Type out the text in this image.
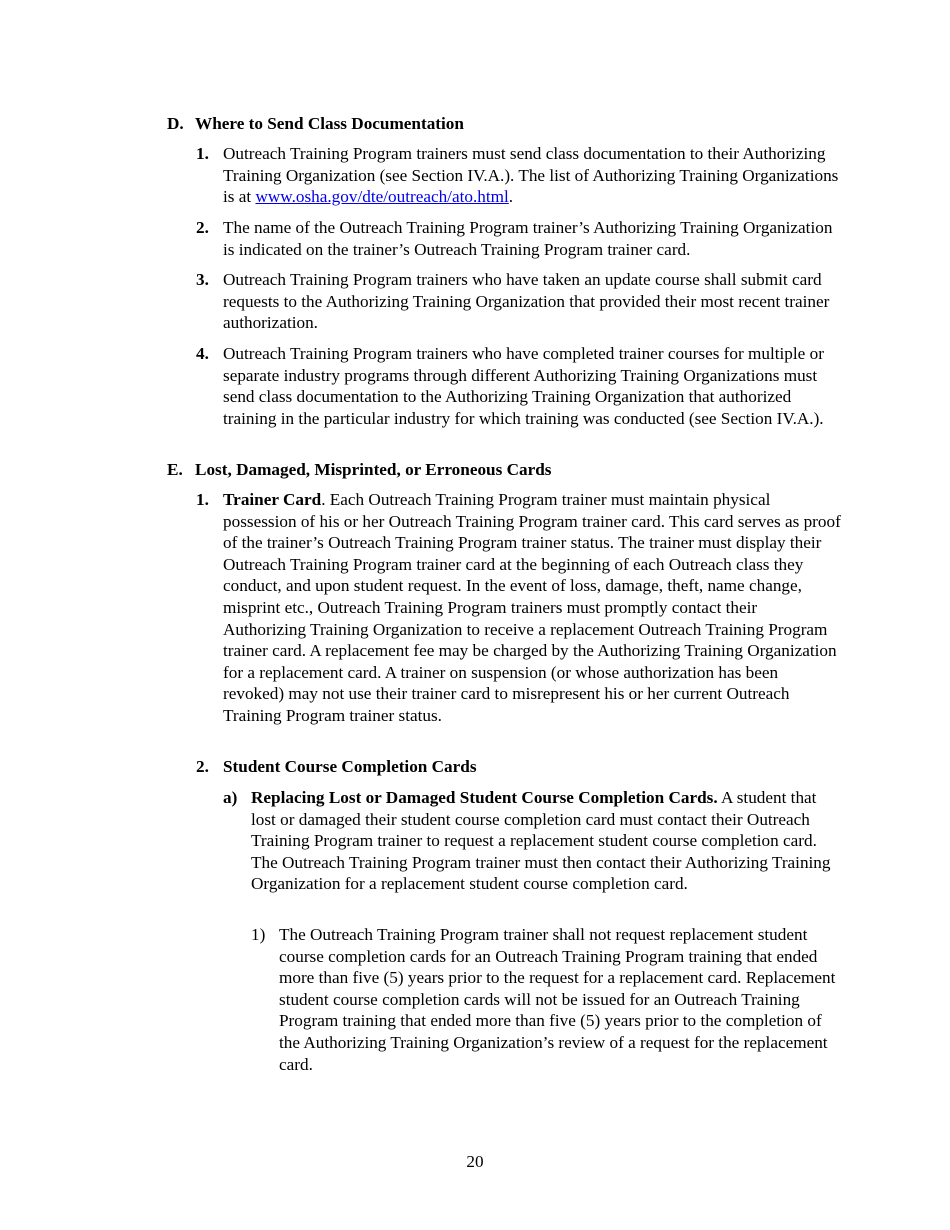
D. Where to Send Class Documentation
1. Outreach Training Program trainers must send class documentation to their Authorizing Training Organization (see Section IV.A.). The list of Authorizing Training Organizations is at www.osha.gov/dte/outreach/ato.html.
2. The name of the Outreach Training Program trainer’s Authorizing Training Organization is indicated on the trainer’s Outreach Training Program trainer card.
3. Outreach Training Program trainers who have taken an update course shall submit card requests to the Authorizing Training Organization that provided their most recent trainer authorization.
4. Outreach Training Program trainers who have completed trainer courses for multiple or separate industry programs through different Authorizing Training Organizations must send class documentation to the Authorizing Training Organization that authorized training in the particular industry for which training was conducted (see Section IV.A.).
E. Lost, Damaged, Misprinted, or Erroneous Cards
1. Trainer Card. Each Outreach Training Program trainer must maintain physical possession of his or her Outreach Training Program trainer card. This card serves as proof of the trainer’s Outreach Training Program trainer status. The trainer must display their Outreach Training Program trainer card at the beginning of each Outreach class they conduct, and upon student request. In the event of loss, damage, theft, name change, misprint etc., Outreach Training Program trainers must promptly contact their Authorizing Training Organization to receive a replacement Outreach Training Program trainer card. A replacement fee may be charged by the Authorizing Training Organization for a replacement card. A trainer on suspension (or whose authorization has been revoked) may not use their trainer card to misrepresent his or her current Outreach Training Program trainer status.
2. Student Course Completion Cards
a) Replacing Lost or Damaged Student Course Completion Cards. A student that lost or damaged their student course completion card must contact their Outreach Training Program trainer to request a replacement student course completion card. The Outreach Training Program trainer must then contact their Authorizing Training Organization for a replacement student course completion card.
1) The Outreach Training Program trainer shall not request replacement student course completion cards for an Outreach Training Program training that ended more than five (5) years prior to the request for a replacement card. Replacement student course completion cards will not be issued for an Outreach Training Program training that ended more than five (5) years prior to the completion of the Authorizing Training Organization’s review of a request for the replacement card.
20
